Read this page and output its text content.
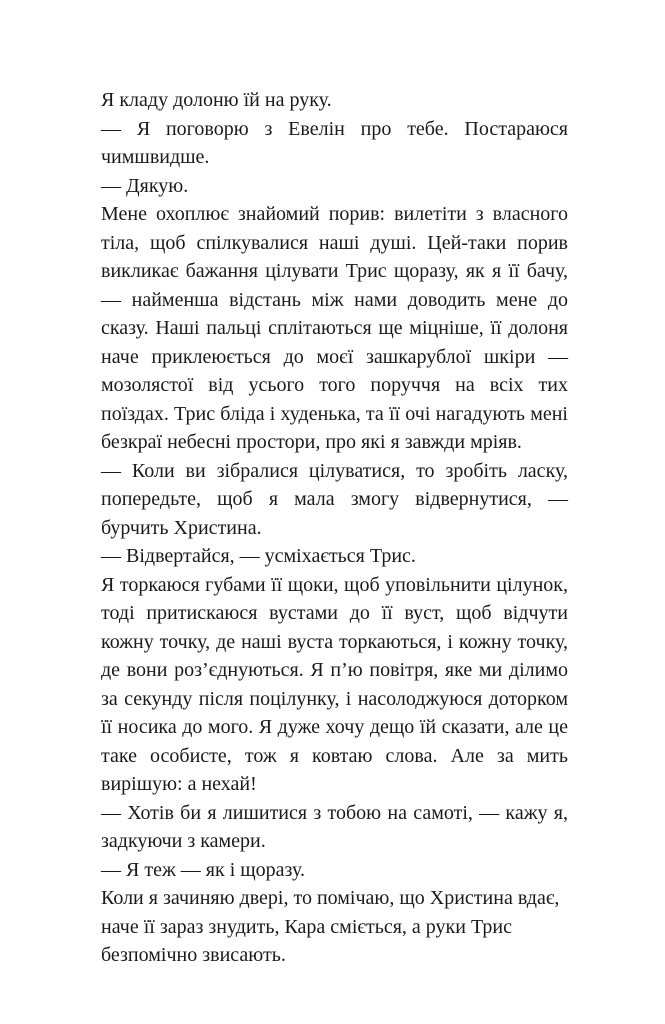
Я кладу долоню їй на руку.

— Я поговорю з Евелін про тебе. Постараюся чимшвидше.

— Дякую.

Мене охоплює знайомий порив: вилетіти з власного тіла, щоб спілкувалися наші душі. Цей-таки порив викликає бажання цілувати Трис щоразу, як я її бачу, — найменша відстань між нами доводить мене до сказу. Наші пальці сплітаються ще міцніше, її долоня наче приклеюється до моєї зашкарублої шкіри — мозолястої від усього того поруччя на всіх тих поїздах. Трис бліда і худенька, та її очі нагадують мені безкраї небесні простори, про які я завжди мріяв.

— Коли ви зібралися цілуватися, то зробіть ласку, попередьте, щоб я мала змогу відвернутися, — бурчить Христина.

— Відвертайся, — усміхається Трис.

Я торкаюся губами її щоки, щоб уповільнити цілунок, тоді притискаюся вустами до її вуст, щоб відчути кожну точку, де наші вуста торкаються, і кожну точку, де вони роз’єднуються. Я п’ю повітря, яке ми ділимо за секунду після поцілунку, і насолоджуюся доторком її носика до мого. Я дуже хочу дещо їй сказати, але це таке особисте, тож я ковтаю слова. Але за мить вирішую: а нехай!

— Хотів би я лишитися з тобою на самоті, — кажу я, задкуючи з камери.

— Я теж — як і щоразу.

Коли я зачиняю двері, то помічаю, що Христина вдає, наче її зараз знудить, Кара сміється, а руки Трис безпомічно звисають.
